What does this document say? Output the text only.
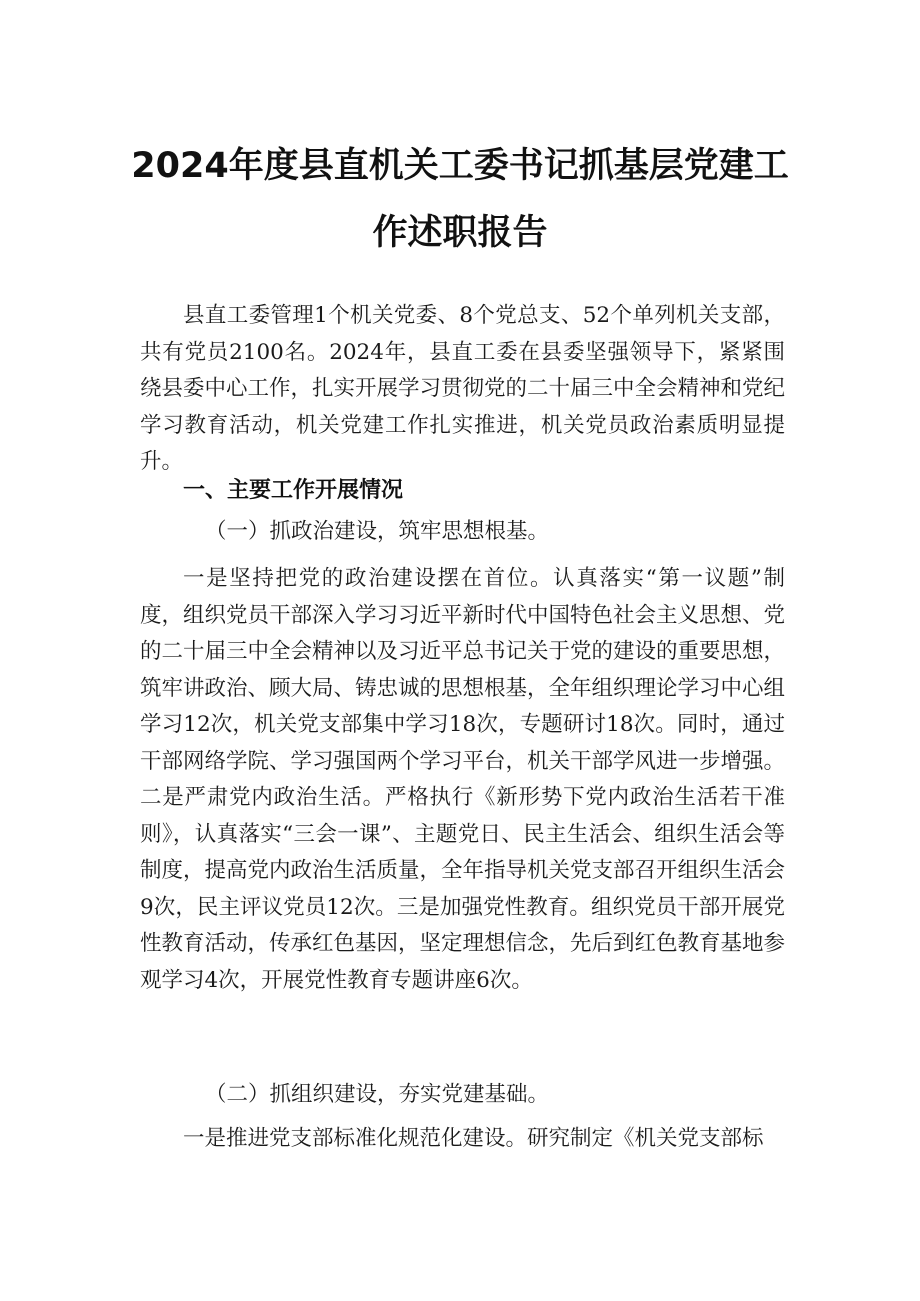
2024年度县直机关工委书记抓基层党建工
作述职报告

县直工委管理1个机关党委、8个党总支、52个单列机关支部，共有党员2100名。2024年，县直工委在县委坚强领导下，紧紧围绕县委中心工作，扎实开展学习贯彻党的二十届三中全会精神和党纪学习教育活动，机关党建工作扎实推进，机关党员政治素质明显提升。

一、主要工作开展情况

（一）抓政治建设，筑牢思想根基。

一是坚持把党的政治建设摆在首位。认真落实“第一议题”制度，组织党员干部深入学习习近平新时代中国特色社会主义思想、党的二十届三中全会精神以及习近平总书记关于党的建设的重要思想，筑牢讲政治、顾大局、铸忠诚的思想根基，全年组织理论学习中心组学习12次，机关党支部集中学习18次，专题研讨18次。同时，通过干部网络学院、学习强国两个学习平台，机关干部学风进一步增强。二是严肃党内政治生活。严格执行《新形势下党内政治生活若干准则》，认真落实“三会一课”、主题党日、民主生活会、组织生活会等制度，提高党内政治生活质量，全年指导机关党支部召开组织生活会9次，民主评议党员12次。三是加强党性教育。组织党员干部开展党性教育活动，传承红色基因，坚定理想信念，先后到红色教育基地参观学习4次，开展党性教育专题讲座6次。

（二）抓组织建设，夯实党建基础。

一是推进党支部标准化规范化建设。研究制定《机关党支部标
